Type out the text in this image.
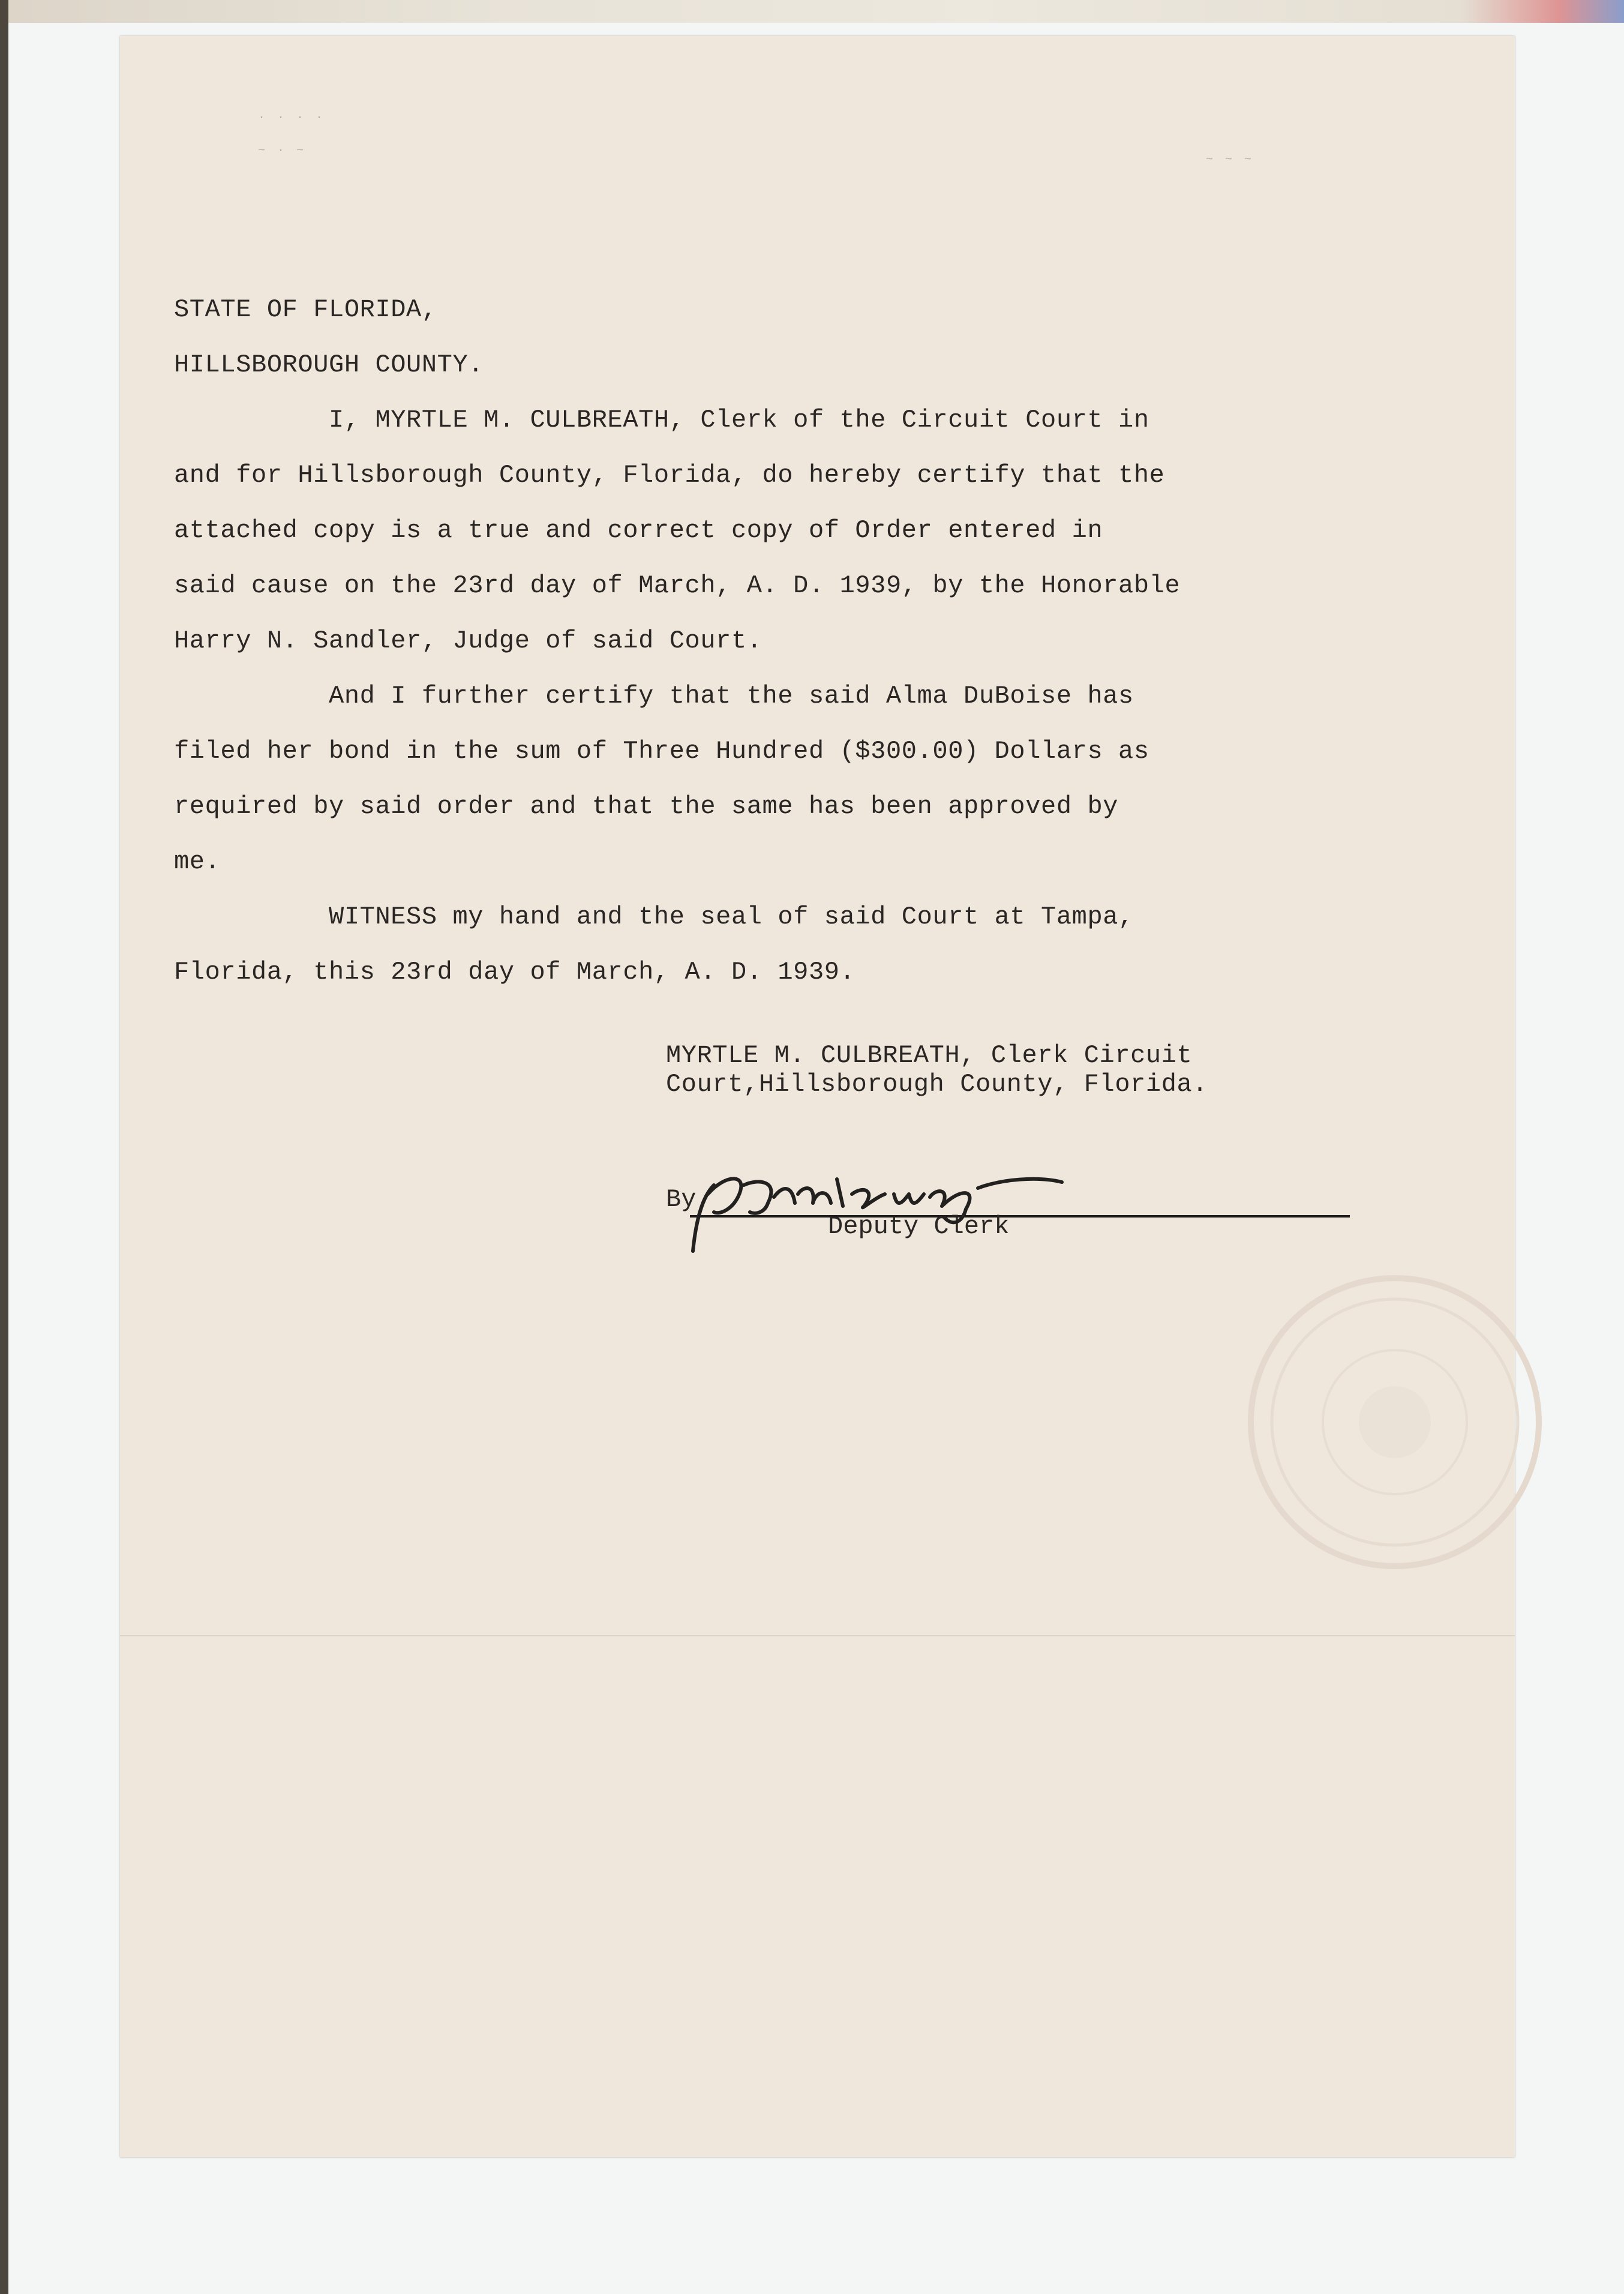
· · · ·
~ · ~
~ ~ ~

STATE OF FLORIDA,

HILLSBOROUGH COUNTY.

I, MYRTLE M. CULBREATH, Clerk of the Circuit Court in

and for Hillsborough County, Florida, do hereby certify that the

attached copy is a true and correct copy of Order entered in

said cause on the 23rd day of March, A. D. 1939, by the Honorable

Harry N. Sandler, Judge of said Court.

And I further certify that the said Alma DuBoise has

filed her bond in the sum of Three Hundred ($300.00) Dollars as

required by said order and that the same has been approved by

me.

WITNESS my hand and the seal of said Court at Tampa,

Florida, this 23rd day of March, A. D. 1939.

MYRTLE M. CULBREATH, Clerk Circuit

Court,Hillsborough County, Florida.

By
Deputy Clerk
